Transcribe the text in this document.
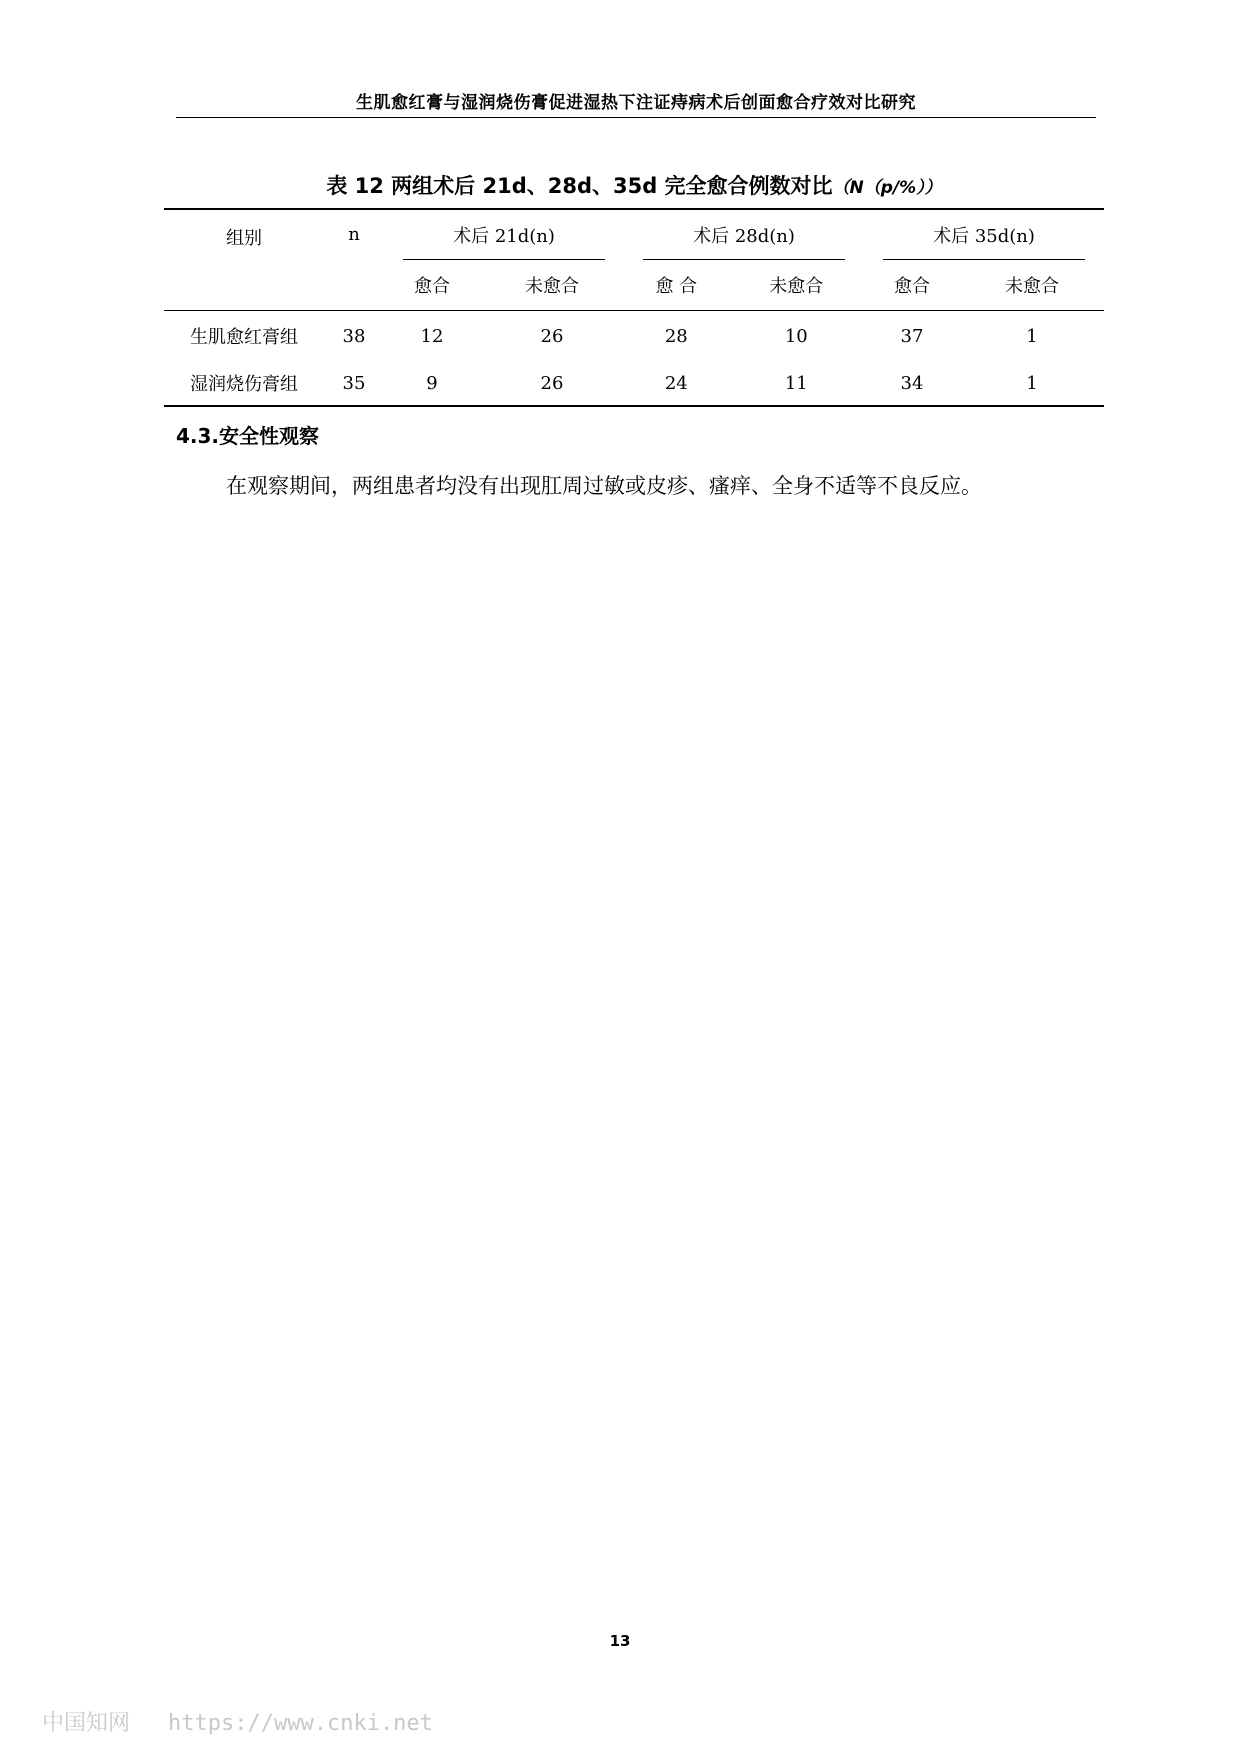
生肌愈红膏与湿润烧伤膏促进湿热下注证痔病术后创面愈合疗效对比研究
表 12 两组术后 21d、28d、35d 完全愈合例数对比（N（p/%））
组别	n	术后 21d(n)		术后 28d(n)		术后 35d(n)	

		愈合	未愈合	愈 合	未愈合	愈合	未愈合
生肌愈红膏组	38	12	26	28	10	37	1
湿润烧伤膏组	35	9	26	24	11	34	1
4.3.安全性观察
在观察期间，两组患者均没有出现肛周过敏或皮疹、瘙痒、全身不适等不良反应。
13
中国知网 https://www.cnki.net
